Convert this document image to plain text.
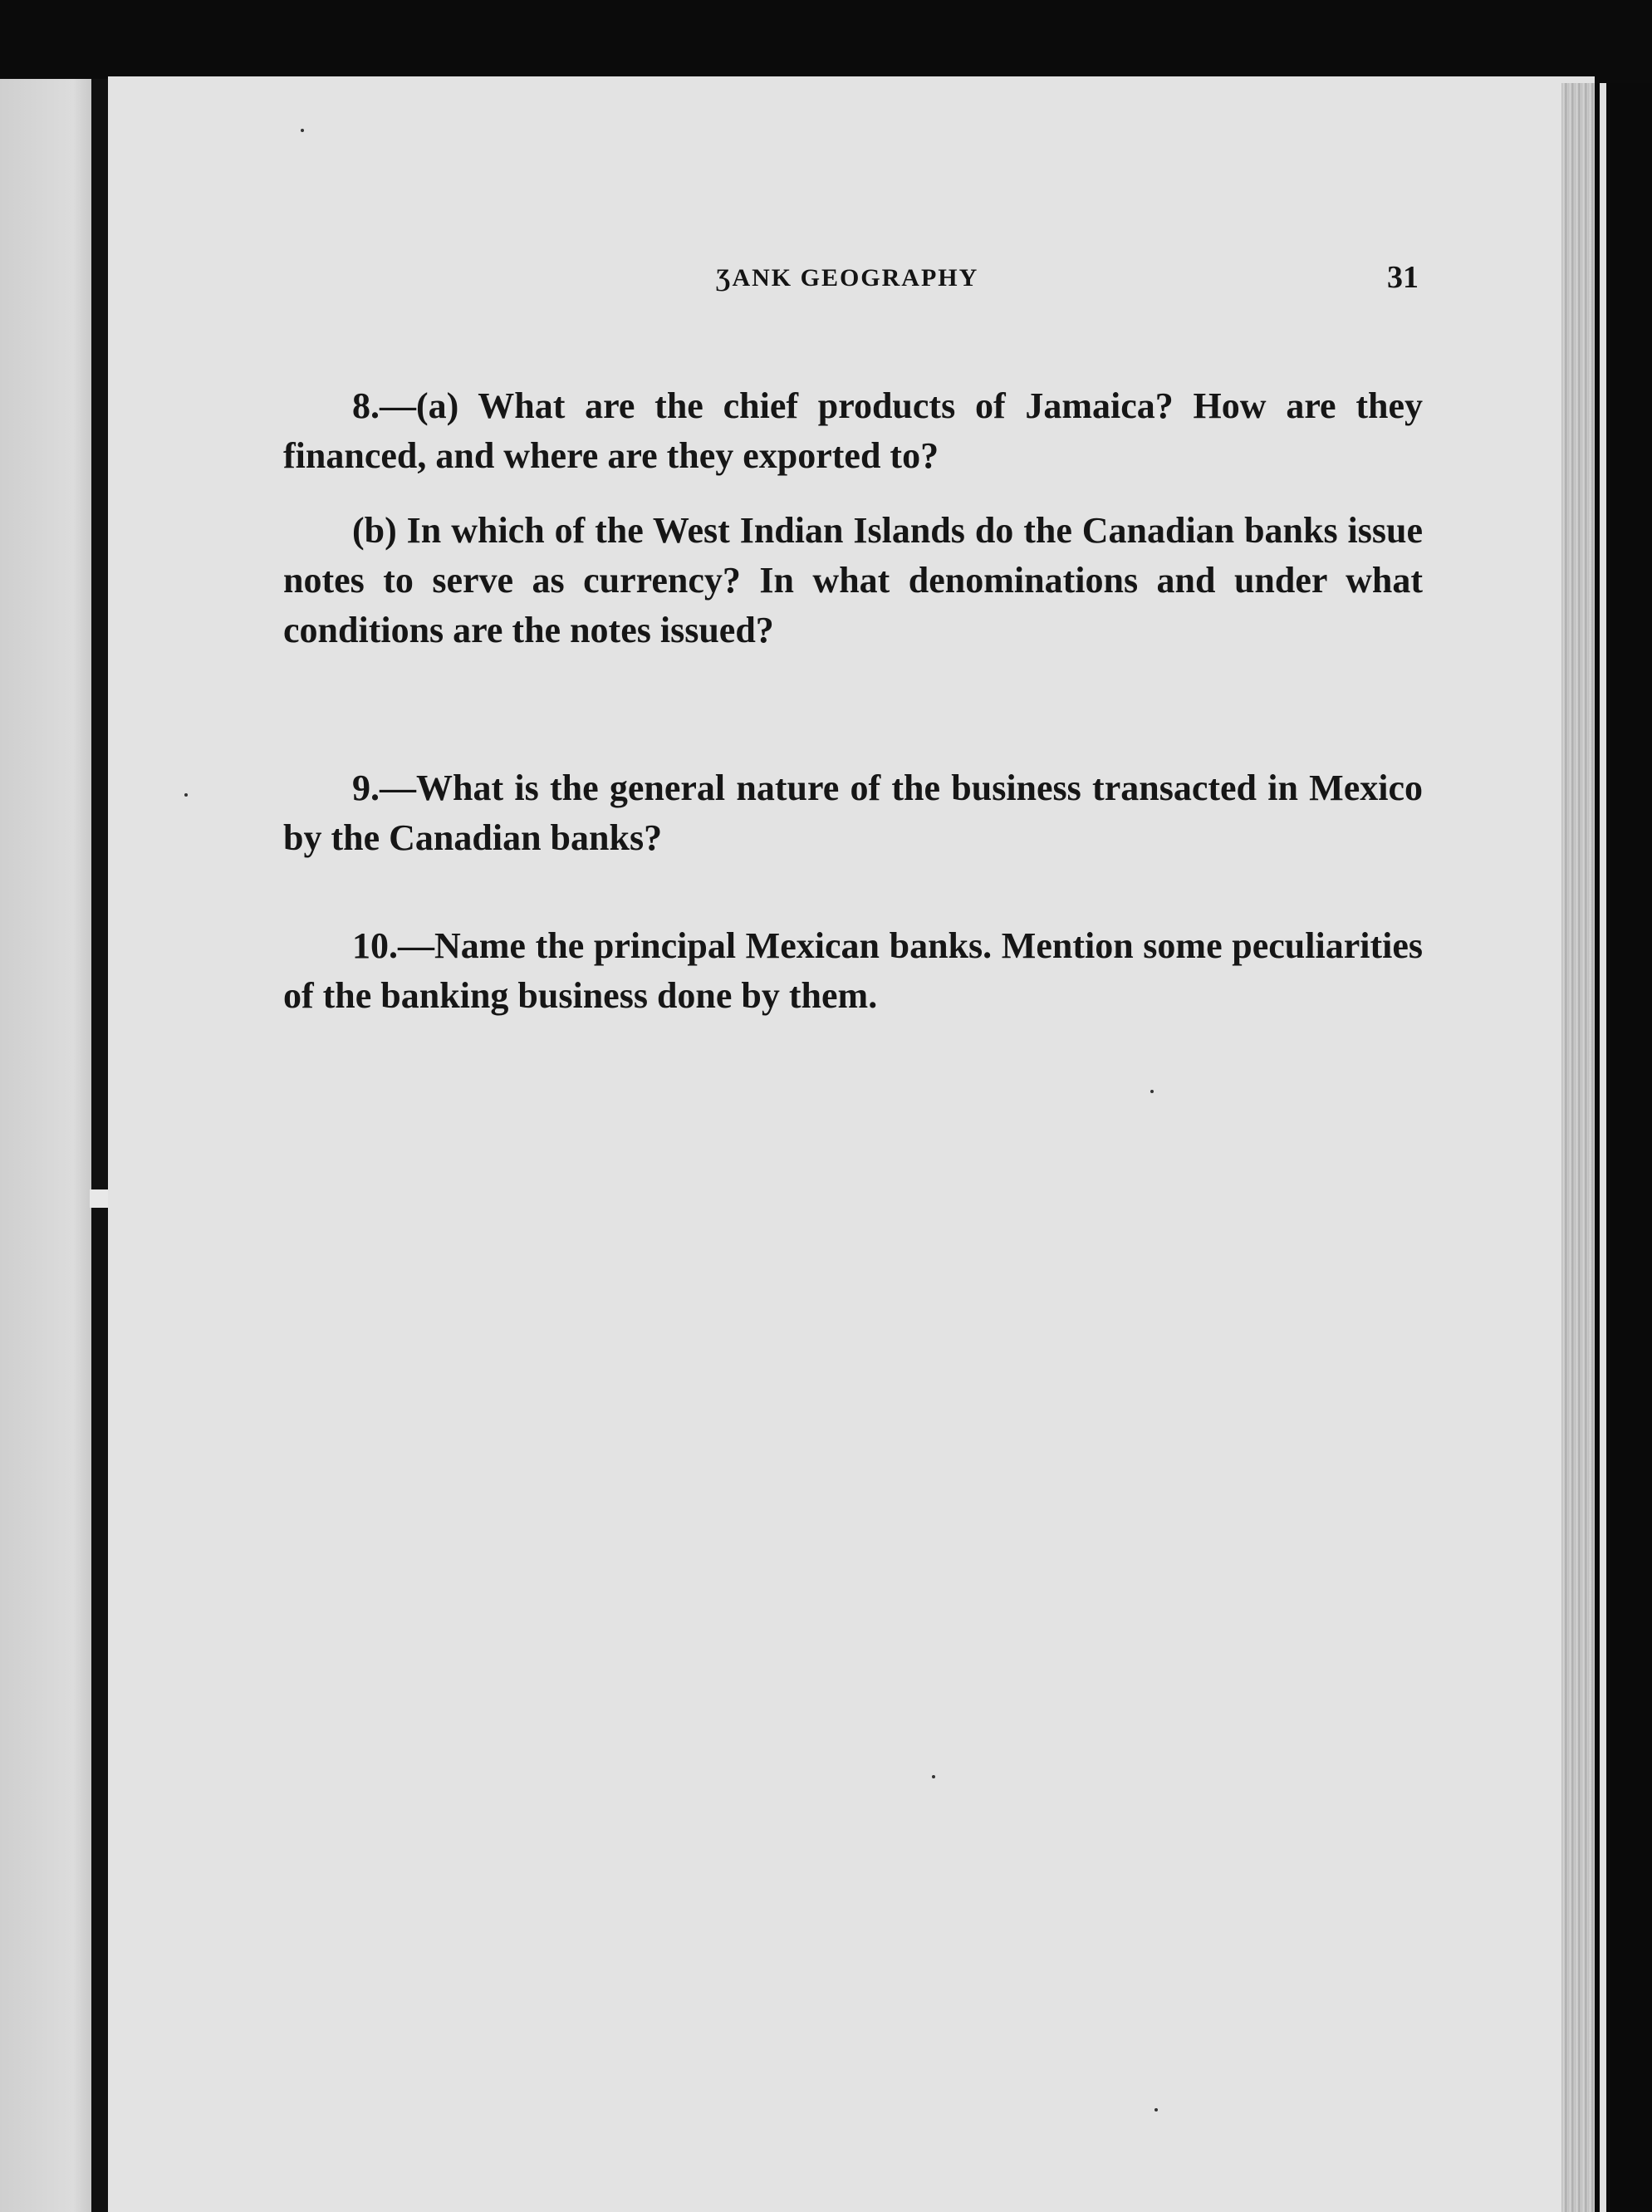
ƷANK GEOGRAPHY	31

8.—(a) What are the chief products of Jamaica? How are they financed, and where are they exported to?

(b) In which of the West Indian Islands do the Canadian banks issue notes to serve as currency? In what denominations and under what conditions are the notes issued?

9.—What is the general nature of the business transacted in Mexico by the Canadian banks?

10.—Name the principal Mexican banks. Mention some peculiarities of the banking business done by them.
